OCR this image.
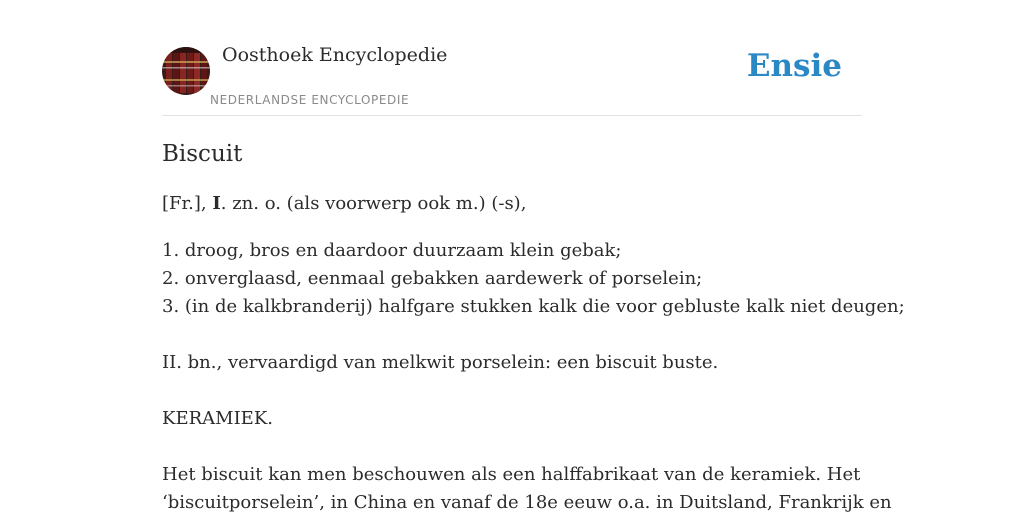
Oosthoek Encyclopedie
NEDERLANDSE ENCYCLOPEDIE
Ensie
Biscuit

[Fr.], I. zn. o. (als voorwerp ook m.) (-s),

1. droog, bros en daardoor duurzaam klein gebak;

2. onverglaasd, eenmaal gebakken aardewerk of porselein;

3. (in de kalkbranderij) halfgare stukken kalk die voor gebluste kalk niet deugen;

II. bn., vervaardigd van melkwit porselein: een biscuit buste.

KERAMIEK.

Het biscuit kan men beschouwen als een halffabrikaat van de keramiek. Het

‘biscuitporselein’, in China en vanaf de 18e eeuw o.a. in Duitsland, Frankrijk en
